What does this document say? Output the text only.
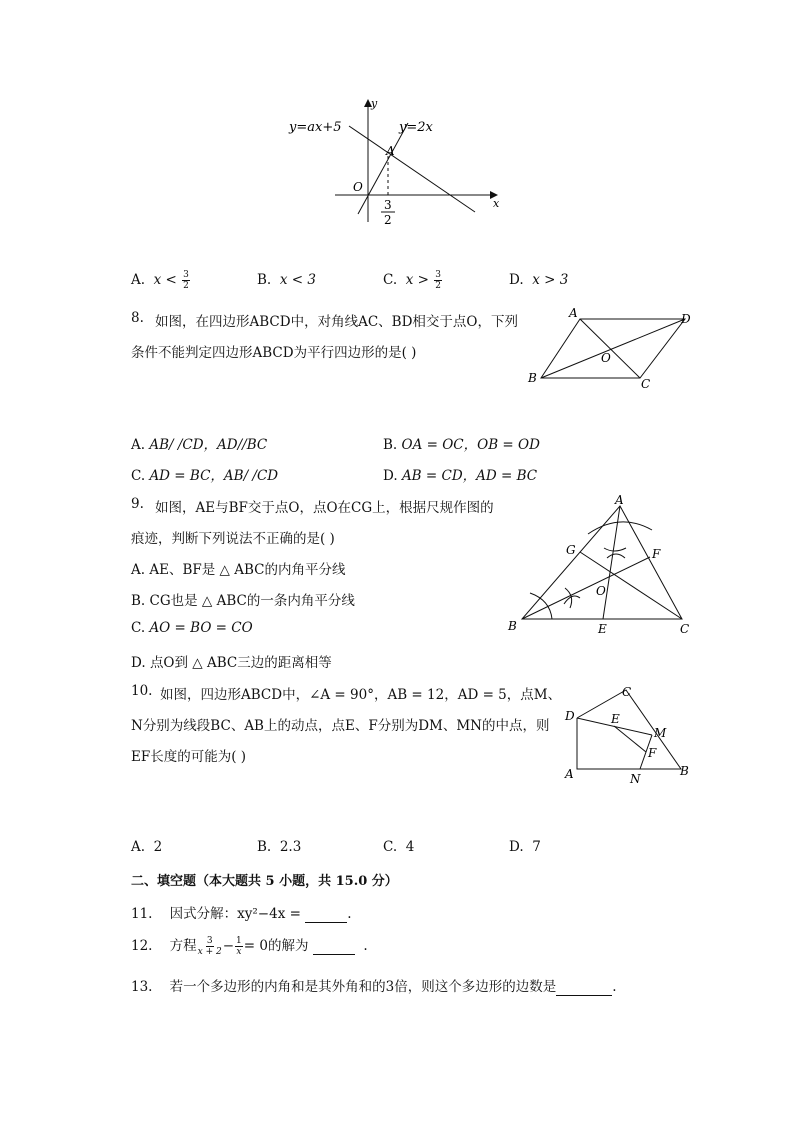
y=ax+5	y=2x
y
x
O
A
3
2
A. $x < \frac{3}{2}$	B. x < 3	C. $x > \frac{3}{2}$	D. x > 3
8. 如图，在四边形ABCD中，对角线AC、BD相交于点O，下列
条件不能判定四边形ABCD为平行四边形的是( )
A	D
B	C
O
A. AB/ /CD，AD//BC	B. OA = OC，OB = OD
C. AD = BC，AB/ /CD	D. AB = CD，AD = BC
9. 如图，AE与BF交于点O，点O在CG上，根据尺规作图的
痕迹，判断下列说法不正确的是( )
A. AE、BF是 △ ABC的内角平分线
B. CG也是 △ ABC的一条内角平分线
C. AO = BO = CO
D. 点O到 △ ABC三边的距离相等
A
B	C
E
F
G
O
10. 如图，四边形ABCD中，∠A = 90°，AB = 12，AD = 5，点M、
N分别为线段BC、AB上的动点，点E、F分别为DM、MN的中点，则
EF长度的可能为( )
C
D	E
M
F
A	N
B
A. 2	B. 2.3	C. 4	D. 7
二、填空题（本大题共 5 小题，共 15.0 分）
11. 因式分解：xy²−4x =	.
12. 方程 $\frac{3}{x + 2} - \frac{1}{x} = 0$的解为	.
13. 若一个多边形的内角和是其外角和的3倍，则这个多边形的边数是	.
